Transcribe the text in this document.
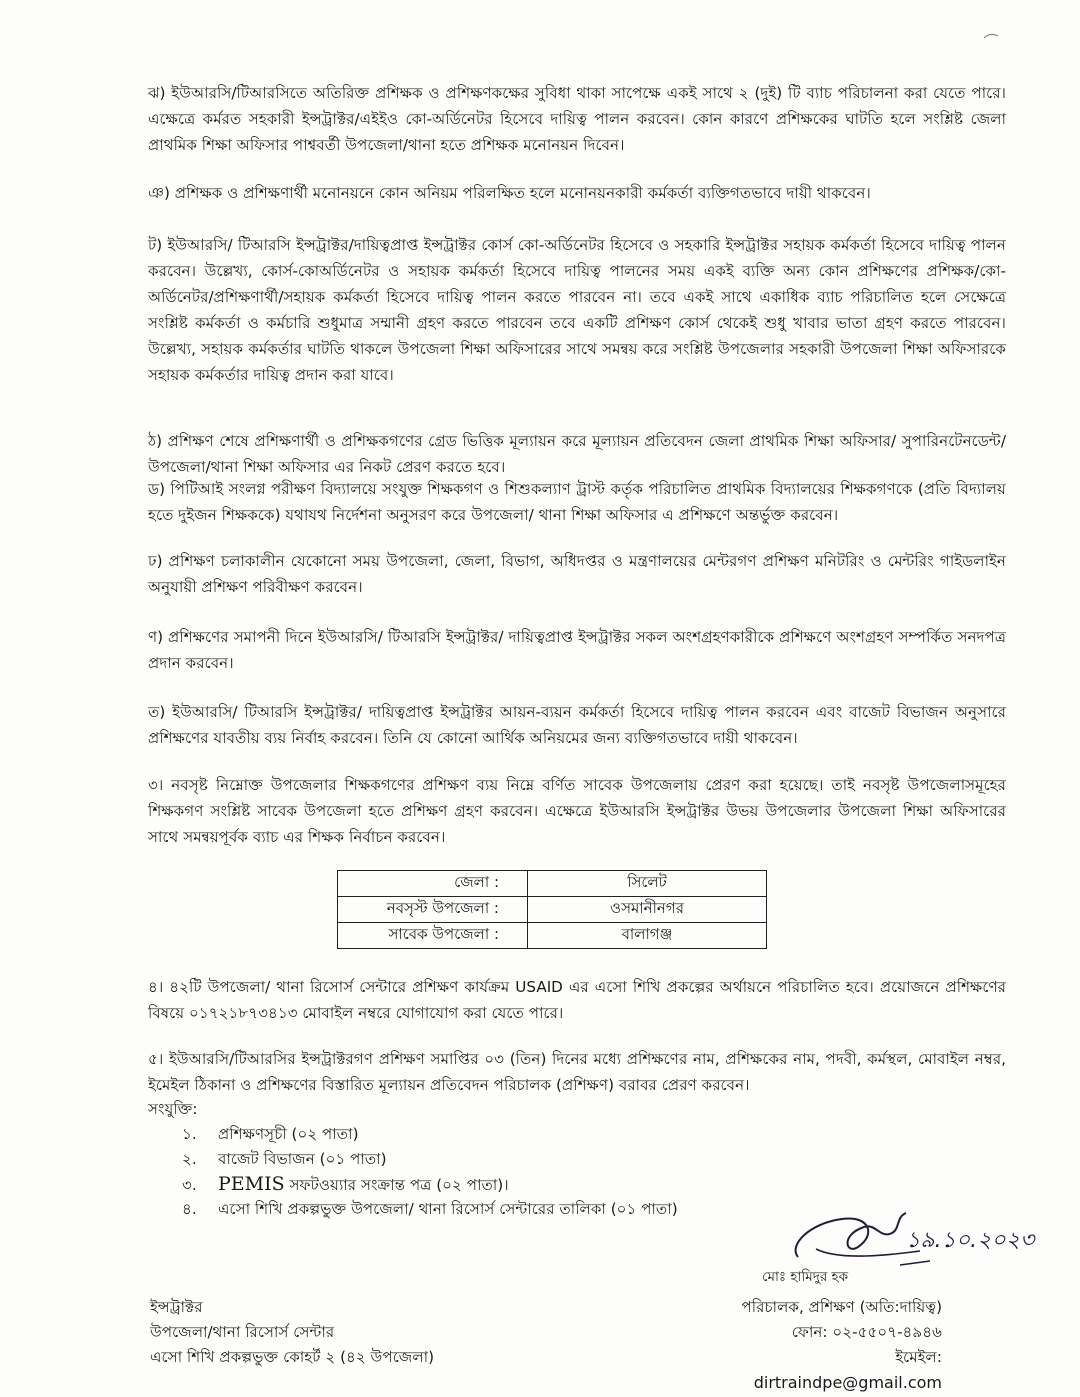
ঝ) ইউআরসি/টিআরসিতে অতিরিক্ত প্রশিক্ষক ও প্রশিক্ষণকক্ষের সুবিধা থাকা সাপেক্ষে একই সাথে ২ (দুই) টি ব্যাচ পরিচালনা করা যেতে পারে। এক্ষেত্রে কর্মরত সহকারী ইন্সট্রাক্টর/এইইও কো-অর্ডিনেটর হিসেবে দায়িত্ব পালন করবেন। কোন কারণে প্রশিক্ষকের ঘাটতি হলে সংশ্লিষ্ট জেলা প্রাথমিক শিক্ষা অফিসার পাশ্ববর্তী উপজেলা/থানা হতে প্রশিক্ষক মনোনয়ন দিবেন।

ঞ) প্রশিক্ষক ও প্রশিক্ষণার্থী মনোনয়নে কোন অনিয়ম পরিলক্ষিত হলে মনোনয়নকারী কর্মকর্তা ব্যক্তিগতভাবে দায়ী থাকবেন।

ট) ইউআরসি/ টিআরসি ইন্সট্রাক্টর/দায়িত্বপ্রাপ্ত ইন্সট্রাক্টর কোর্স কো-অর্ডিনেটর হিসেবে ও সহকারি ইন্সট্রাক্টর সহায়ক কর্মকর্তা হিসেবে দায়িত্ব পালন করবেন। উল্লেখ্য, কোর্স-কোঅর্ডিনেটর ও সহায়ক কর্মকর্তা হিসেবে দায়িত্ব পালনের সময় একই ব্যক্তি অন্য কোন প্রশিক্ষণের প্রশিক্ষক/কো-অর্ডিনেটর/প্রশিক্ষণার্থী/সহায়ক কর্মকর্তা হিসেবে দায়িত্ব পালন করতে পারবেন না। তবে একই সাথে একাধিক ব্যাচ পরিচালিত হলে সেক্ষেত্রে সংশ্লিষ্ট কর্মকর্তা ও কর্মচারি শুধুমাত্র সম্মানী গ্রহণ করতে পারবেন তবে একটি প্রশিক্ষণ কোর্স থেকেই শুধু খাবার ভাতা গ্রহণ করতে পারবেন। উল্লেখ্য, সহায়ক কর্মকর্তার ঘাটতি থাকলে উপজেলা শিক্ষা অফিসারের সাথে সমন্বয় করে সংশ্লিষ্ট উপজেলার সহকারী উপজেলা শিক্ষা অফিসারকে সহায়ক কর্মকর্তার দায়িত্ব প্রদান করা যাবে।

ঠ) প্রশিক্ষণ শেষে প্রশিক্ষণার্থী ও প্রশিক্ষকগণের গ্রেড ভিত্তিক মূল্যায়ন করে মূল্যায়ন প্রতিবেদন জেলা প্রাথমিক শিক্ষা অফিসার/ সুপারিনটেনডেন্ট/ উপজেলা/থানা শিক্ষা অফিসার এর নিকট প্রেরণ করতে হবে।

ড) পিটিআই সংলগ্ন পরীক্ষণ বিদ্যালয়ে সংযুক্ত শিক্ষকগণ ও শিশুকল্যাণ ট্রাস্ট কর্তৃক পরিচালিত প্রাথমিক বিদ্যালয়ের শিক্ষকগণকে (প্রতি বিদ্যালয় হতে দুইজন শিক্ষককে) যথাযথ নির্দেশনা অনুসরণ করে উপজেলা/ থানা শিক্ষা অফিসার এ প্রশিক্ষণে অন্তর্ভুক্ত করবেন।

ঢ) প্রশিক্ষণ চলাকালীন যেকোনো সময় উপজেলা, জেলা, বিভাগ, অধিদপ্তর ও মন্ত্রণালয়ের মেন্টরগণ প্রশিক্ষণ মনিটরিং ও মেন্টরিং গাইডলাইন অনুযায়ী প্রশিক্ষণ পরিবীক্ষণ করবেন।

ণ) প্রশিক্ষণের সমাপনী দিনে ইউআরসি/ টিআরসি ইন্সট্রাক্টর/ দায়িত্বপ্রাপ্ত ইন্সট্রাক্টর সকল অংশগ্রহণকারীকে প্রশিক্ষণে অংশগ্রহণ সম্পর্কিত সনদপত্র প্রদান করবেন।

ত) ইউআরসি/ টিআরসি ইন্সট্রাক্টর/ দায়িত্বপ্রাপ্ত ইন্সট্রাক্টর আয়ন-ব্যয়ন কর্মকর্তা হিসেবে দায়িত্ব পালন করবেন এবং বাজেট বিভাজন অনুসারে প্রশিক্ষণের যাবতীয় ব্যয় নির্বাহ করবেন। তিনি যে কোনো আর্থিক অনিয়মের জন্য ব্যক্তিগতভাবে দায়ী থাকবেন।

৩। নবসৃষ্ট নিম্নোক্ত উপজেলার শিক্ষকগণের প্রশিক্ষণ ব্যয় নিম্নে বর্ণিত সাবেক উপজেলায় প্রেরণ করা হয়েছে। তাই নবসৃষ্ট উপজেলাসমূহের শিক্ষকগণ সংশ্লিষ্ট সাবেক উপজেলা হতে প্রশিক্ষণ গ্রহণ করবেন। এক্ষেত্রে ইউআরসি ইন্সট্রাক্টর উভয় উপজেলার উপজেলা শিক্ষা অফিসারের সাথে সমন্বয়পূর্বক ব্যাচ এর শিক্ষক নির্বাচন করবেন।

জেলা :	সিলেট
নবসৃস্ট উপজেলা :	ওসমানীনগর
সাবেক উপজেলা :	বালাগঞ্জ

৪। ৪২টি উপজেলা/ থানা রিসোর্স সেন্টারে প্রশিক্ষণ কার্যক্রম USAID এর এসো শিখি প্রকল্পের অর্থায়নে পরিচালিত হবে। প্রয়োজনে প্রশিক্ষণের বিষয়ে ০১৭২১৮৭৩৪১৩ মোবাইল নম্বরে যোগাযোগ করা যেতে পারে।

৫। ইউআরসি/টিআরসির ইন্সট্রাক্টরগণ প্রশিক্ষণ সমাপ্তির ০৩ (তিন) দিনের মধ্যে প্রশিক্ষণের নাম, প্রশিক্ষকের নাম, পদবী, কর্মস্থল, মোবাইল নম্বর, ইমেইল ঠিকানা ও প্রশিক্ষণের বিস্তারিত মূল্যায়ন প্রতিবেদন পরিচালক (প্রশিক্ষণ) বরাবর প্রেরণ করবেন।

সংযুক্তি:
১. প্রশিক্ষণসূচী (০২ পাতা)
২. বাজেট বিভাজন (০১ পাতা)
৩. PEMIS সফটওয়্যার সংক্রান্ত পত্র (০২ পাতা)।
৪. এসো শিখি প্রকল্পভুক্ত উপজেলা/ থানা রিসোর্স সেন্টারের তালিকা (০১ পাতা)
১৯.১০.২০২৩
মোঃ হামিদুর হক
ইন্সট্রাক্টর
উপজেলা/থানা রিসোর্স সেন্টার
এসো শিখি প্রকল্পভুক্ত কোহর্ট ২ (৪২ উপজেলা)
পরিচালক, প্রশিক্ষণ (অতি:দায়িত্ব)
ফোন: ০২-৫৫০৭-৪৯৪৬
ইমেইল: dirtraindpe@gmail.com
